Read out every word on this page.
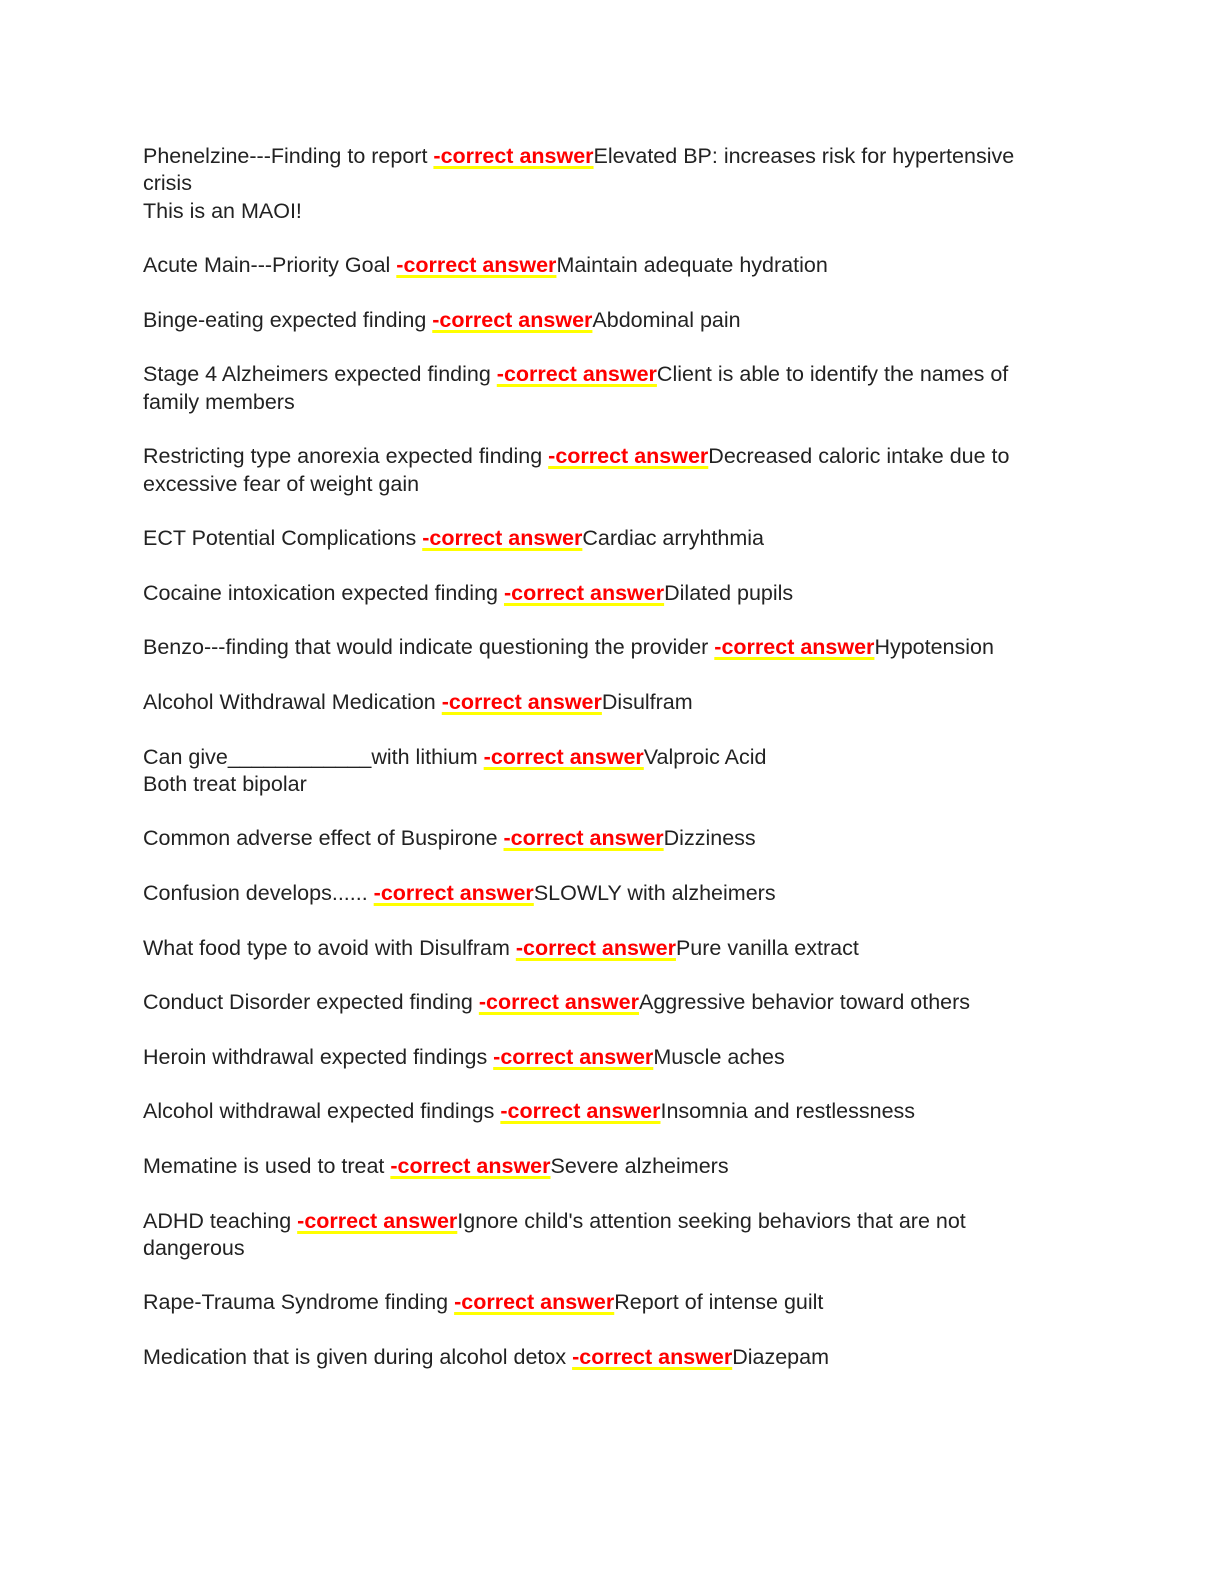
Phenelzine---Finding to report -correct answerElevated BP: increases risk for hypertensive crisis
This is an MAOI!
Acute Main---Priority Goal -correct answerMaintain adequate hydration
Binge-eating expected finding -correct answerAbdominal pain
Stage 4 Alzheimers expected finding -correct answerClient is able to identify the names of family members
Restricting type anorexia expected finding -correct answerDecreased caloric intake due to excessive fear of weight gain
ECT Potential Complications -correct answerCardiac arryhthmia
Cocaine intoxication expected finding -correct answerDilated pupils
Benzo---finding that would indicate questioning the provider -correct answerHypotension
Alcohol Withdrawal Medication -correct answerDisulfram
Can give____________with lithium -correct answerValproic Acid
Both treat bipolar
Common adverse effect of Buspirone -correct answerDizziness
Confusion develops...... -correct answerSLOWLY with alzheimers
What food type to avoid with Disulfram -correct answerPure vanilla extract
Conduct Disorder expected finding -correct answerAggressive behavior toward others
Heroin withdrawal expected findings -correct answerMuscle aches
Alcohol withdrawal expected findings -correct answerInsomnia and restlessness
Mematine is used to treat -correct answerSevere alzheimers
ADHD teaching -correct answerIgnore child's attention seeking behaviors that are not dangerous
Rape-Trauma Syndrome finding -correct answerReport of intense guilt
Medication that is given during alcohol detox -correct answerDiazepam
